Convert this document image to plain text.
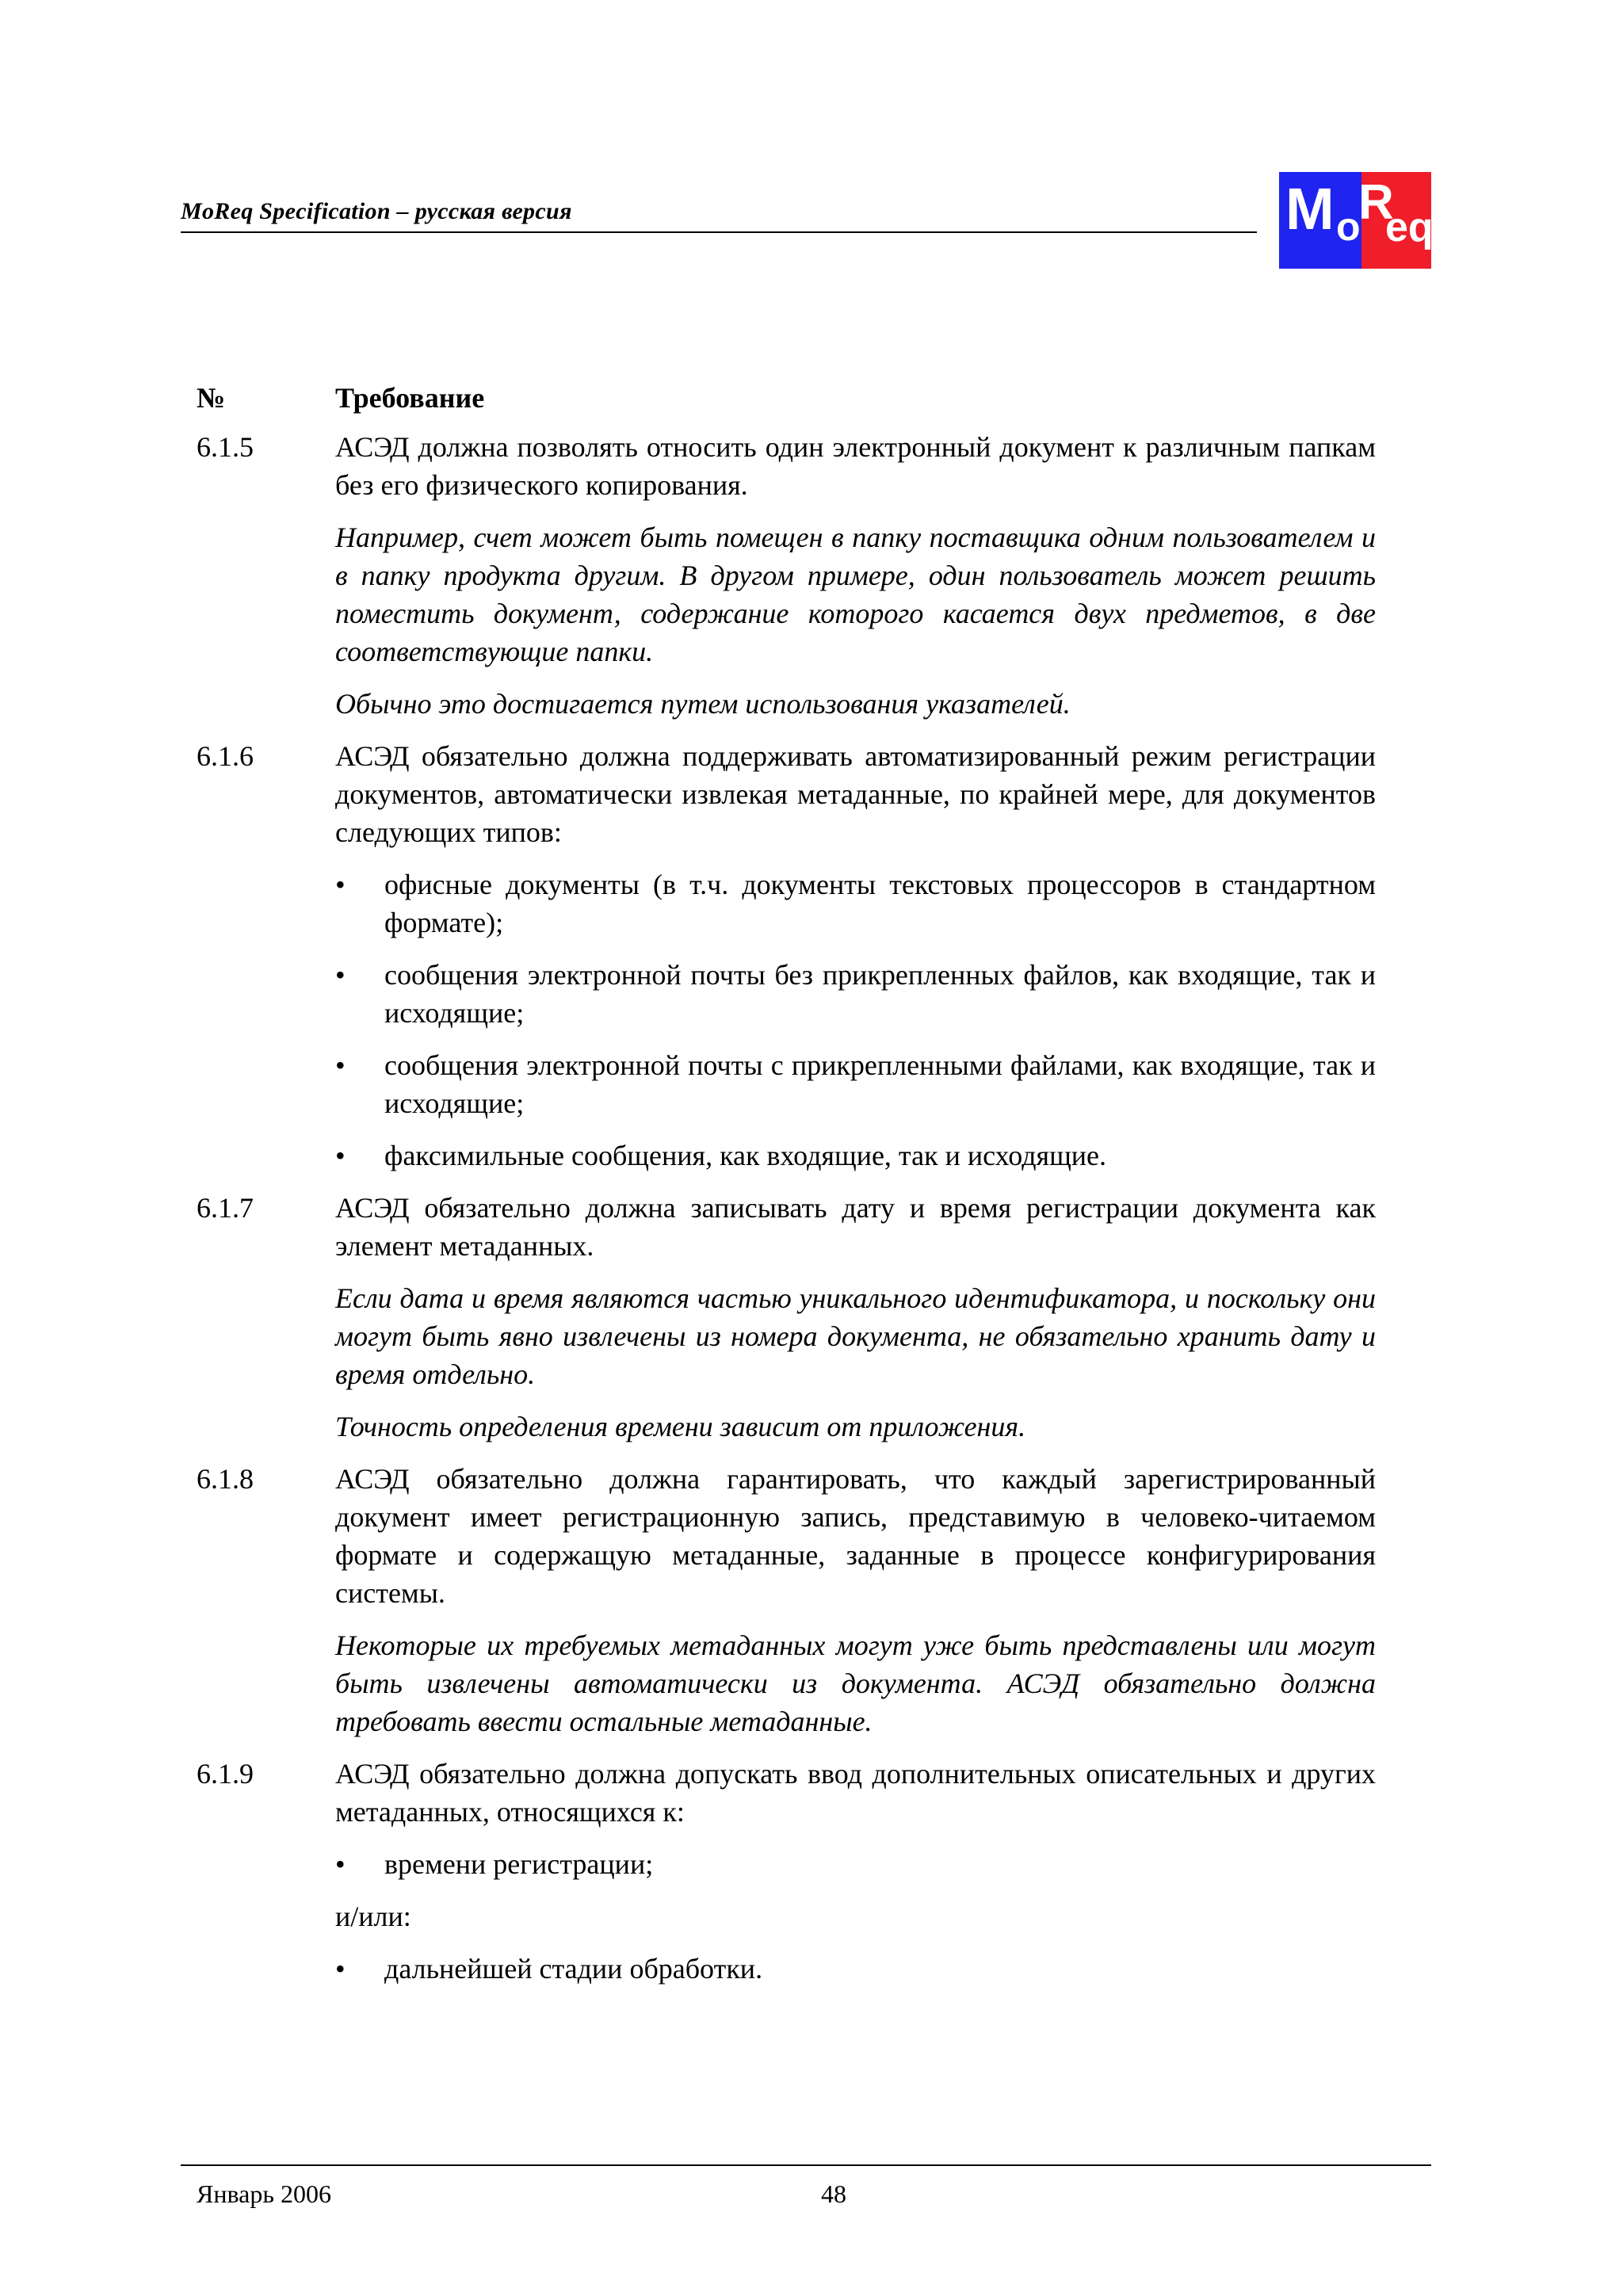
MoReq Specification – русская версия	M o
R
eq
№	Требование
6.1.5	АСЭД должна позволять относить один электронный документ к различным папкам без его физического копирования.

Например, счет может быть помещен в папку поставщика одним пользователем и в папку продукта другим. В другом примере, один пользователь может решить поместить документ, содержание которого касается двух предметов, в две соответствующие папки.

Обычно это достигается путем использования указателей.

6.1.6	АСЭД обязательно должна поддерживать автоматизированный режим регистрации документов, автоматически извлекая метаданные, по крайней мере, для документов следующих типов:

•	офисные документы (в т.ч. документы текстовых процессоров в стандартном формате);
•	сообщения электронной почты без прикрепленных файлов, как входящие, так и исходящие;
•	сообщения электронной почты с прикрепленными файлами, как входящие, так и исходящие;
•	факсимильные сообщения, как входящие, так и исходящие.
6.1.7	АСЭД обязательно должна записывать дату и время регистрации документа как элемент метаданных.

Если дата и время являются частью уникального идентификатора, и поскольку они могут быть явно извлечены из номера документа, не обязательно хранить дату и время отдельно.

Точность определения времени зависит от приложения.

6.1.8	АСЭД обязательно должна гарантировать, что каждый зарегистрированный документ имеет регистрационную запись, представимую в человеко-читаемом формате и содержащую метаданные, заданные в процессе конфигурирования системы.

Некоторые их требуемых метаданных могут уже быть представлены или могут быть извлечены автоматически из документа. АСЭД обязательно должна требовать ввести остальные метаданные.

6.1.9	АСЭД обязательно должна допускать ввод дополнительных описательных и других метаданных, относящихся к:

•	времени регистрации;

и/или:

•	дальнейшей стадии обработки.
Январь 2006	48
